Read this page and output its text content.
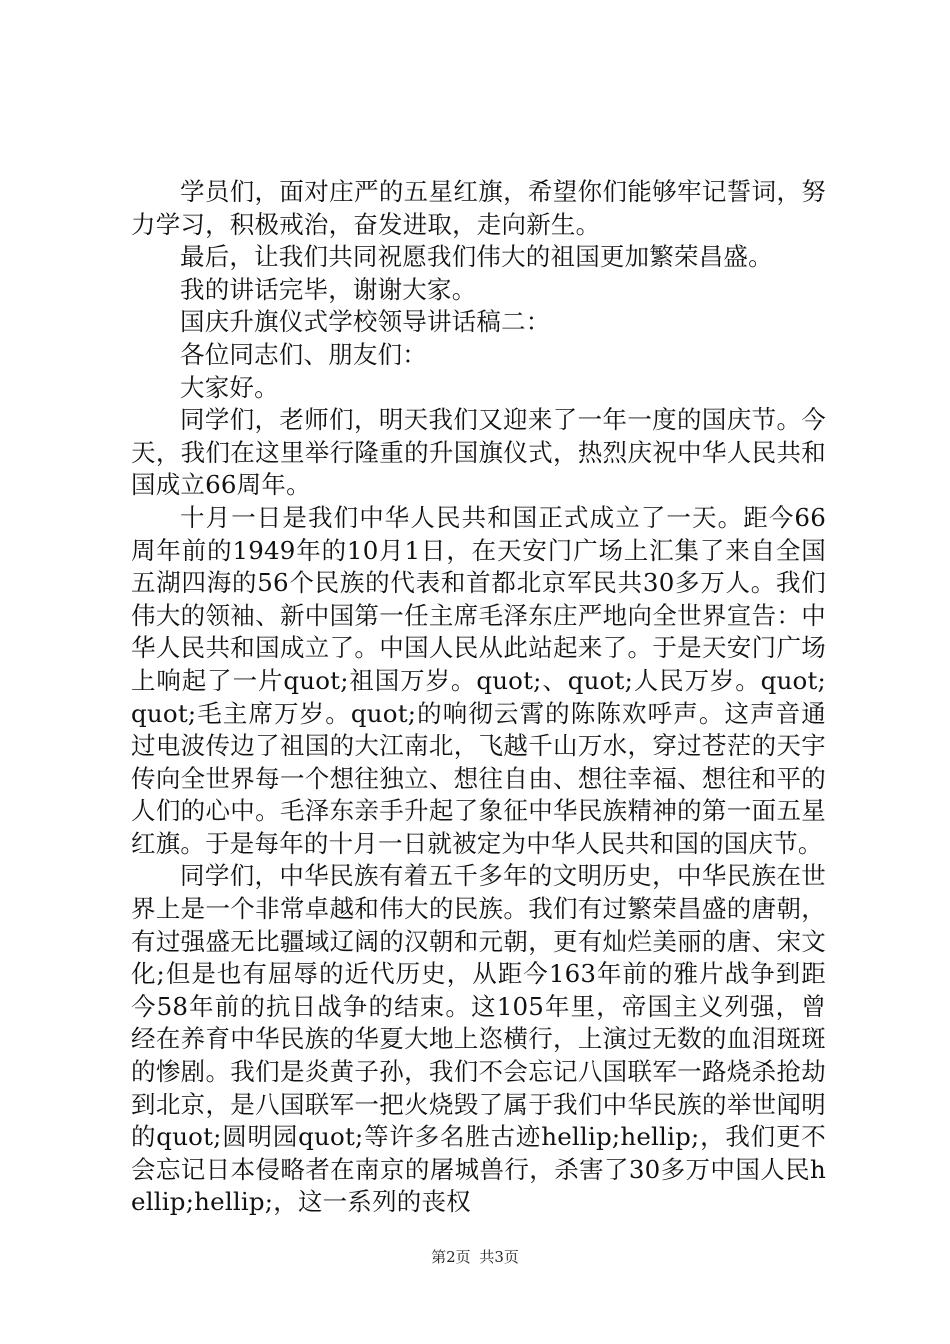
学员们，面对庄严的五星红旗，希望你们能够牢记誓词，努力学习，积极戒治，奋发进取，走向新生。

最后，让我们共同祝愿我们伟大的祖国更加繁荣昌盛。

我的讲话完毕，谢谢大家。

国庆升旗仪式学校领导讲话稿二：

各位同志们、朋友们：

大家好。

同学们，老师们，明天我们又迎来了一年一度的国庆节。今天，我们在这里举行隆重的升国旗仪式，热烈庆祝中华人民共和国成立66周年。

十月一日是我们中华人民共和国正式成立了一天。距今66周年前的1949年的10月1日，在天安门广场上汇集了来自全国五湖四海的56个民族的代表和首都北京军民共30多万人。我们伟大的领袖、新中国第一任主席毛泽东庄严地向全世界宣告：中华人民共和国成立了。中国人民从此站起来了。于是天安门广场上响起了一片quot;祖国万岁。quot;、quot;人民万岁。quot;quot;毛主席万岁。quot;的响彻云霄的陈陈欢呼声。这声音通过电波传边了祖国的大江南北，飞越千山万水，穿过苍茫的天宇传向全世界每一个想往独立、想往自由、想往幸福、想往和平的人们的心中。毛泽东亲手升起了象征中华民族精神的第一面五星红旗。于是每年的十月一日就被定为中华人民共和国的国庆节。

同学们，中华民族有着五千多年的文明历史，中华民族在世界上是一个非常卓越和伟大的民族。我们有过繁荣昌盛的唐朝，有过强盛无比疆域辽阔的汉朝和元朝，更有灿烂美丽的唐、宋文化;但是也有屈辱的近代历史，从距今163年前的雅片战争到距今58年前的抗日战争的结束。这105年里，帝国主义列强，曾经在养育中华民族的华夏大地上恣横行，上演过无数的血泪斑斑的惨剧。我们是炎黄子孙，我们不会忘记八国联军一路烧杀抢劫到北京，是八国联军一把火烧毁了属于我们中华民族的举世闻明的quot;圆明园quot;等许多名胜古迹hellip;hellip;，我们更不会忘记日本侵略者在南京的屠城兽行，杀害了30多万中国人民hellip;hellip;，这一系列的丧权

第2页 共3页
